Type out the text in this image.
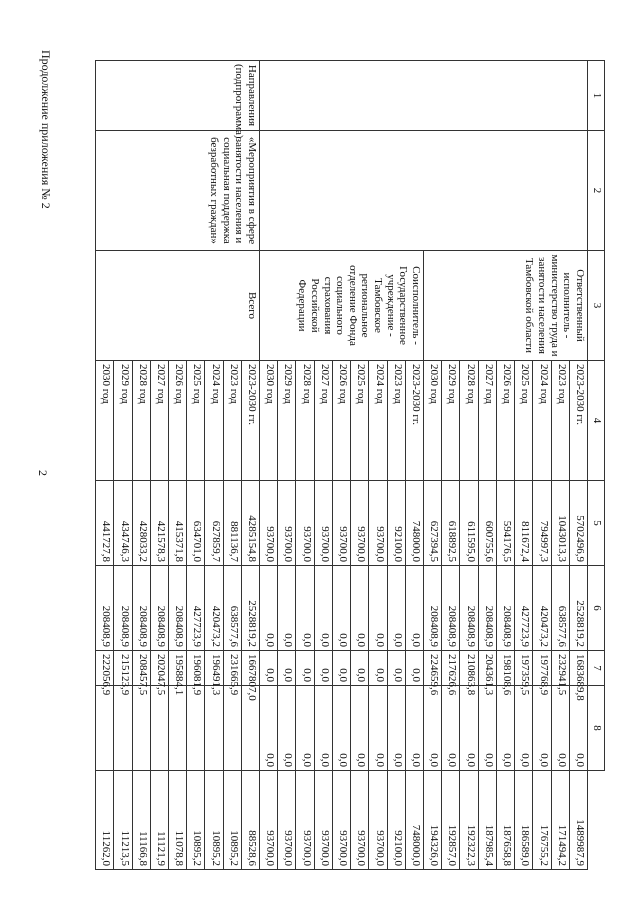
2
Продолжение приложения № 2	1	2	3	4	5	6	7	8	
		Ответственный исполнитель - министерство труда и занятости населения Тамбовской области	2023-2030 гг.	5702496,9	2528819,2	1683689,8	0,0	1489987,9
			2023 год	1043013,3	638577,6	232941,5	0,0	171494,2
			2024 год	794997,3	420473,2	197768,9	0,0	176755,2
			2025 год	811672,4	427723,9	197359,5	0,0	186589,0
			2026 год	594176,5	208408,9	198108,6	0,0	187658,8
			2027 год	600755,6	208408,9	204361,3	0,0	187985,4
			2028 год	611595,0	208408,9	210863,8	0,0	192322,3
			2029 год	618892,5	208408,9	217626,6	0,0	192857,0
			2030 год	627394,5	208408,9	224659,6	0,0	194326,0
		Соисполнитель - Государственное учреждение - Тамбовское региональное отделение Фонда социального страхования Российской Федерации	2023-2030 гг.	748000,0	0,0	0,0	0,0	748000,0
			2023 год	92100,0	0,0	0,0	0,0	92100,0
			2024 год	93700,0	0,0	0,0	0,0	93700,0
			2025 год	93700,0	0,0	0,0	0,0	93700,0
			2026 год	93700,0	0,0	0,0	0,0	93700,0
			2027 год	93700,0	0,0	0,0	0,0	93700,0
			2028 год	93700,0	0,0	0,0	0,0	93700,0
			2029 год	93700,0	0,0	0,0	0,0	93700,0
			2030 год	93700,0	0,0	0,0	0,0	93700,0
Направления (подпрограмма)	«Мероприятия в сфере занятости населения и социальная поддержка безработных граждан»	Всего	2023-2030 гг.	4285154,8	2528819,2	1667807,0		88528,6
			2023 год	881136,7	638577,6	231665,9		10895,2
			2024 год	627859,7	420473,2	196491,3		10895,2
			2025 год	634701,0	427723,9	196081,9		10895,2
			2026 год	415371,8	208408,9	195884,1		11078,8
			2027 год	421578,3	208408,9	202047,5		11121,9
			2028 год	428033,2	208408,9	208457,5		11166,8
			2029 год	434746,3	208408,9	215123,9		11213,5
			2030 год	441727,8	208408,9	222056,9		11262,0
